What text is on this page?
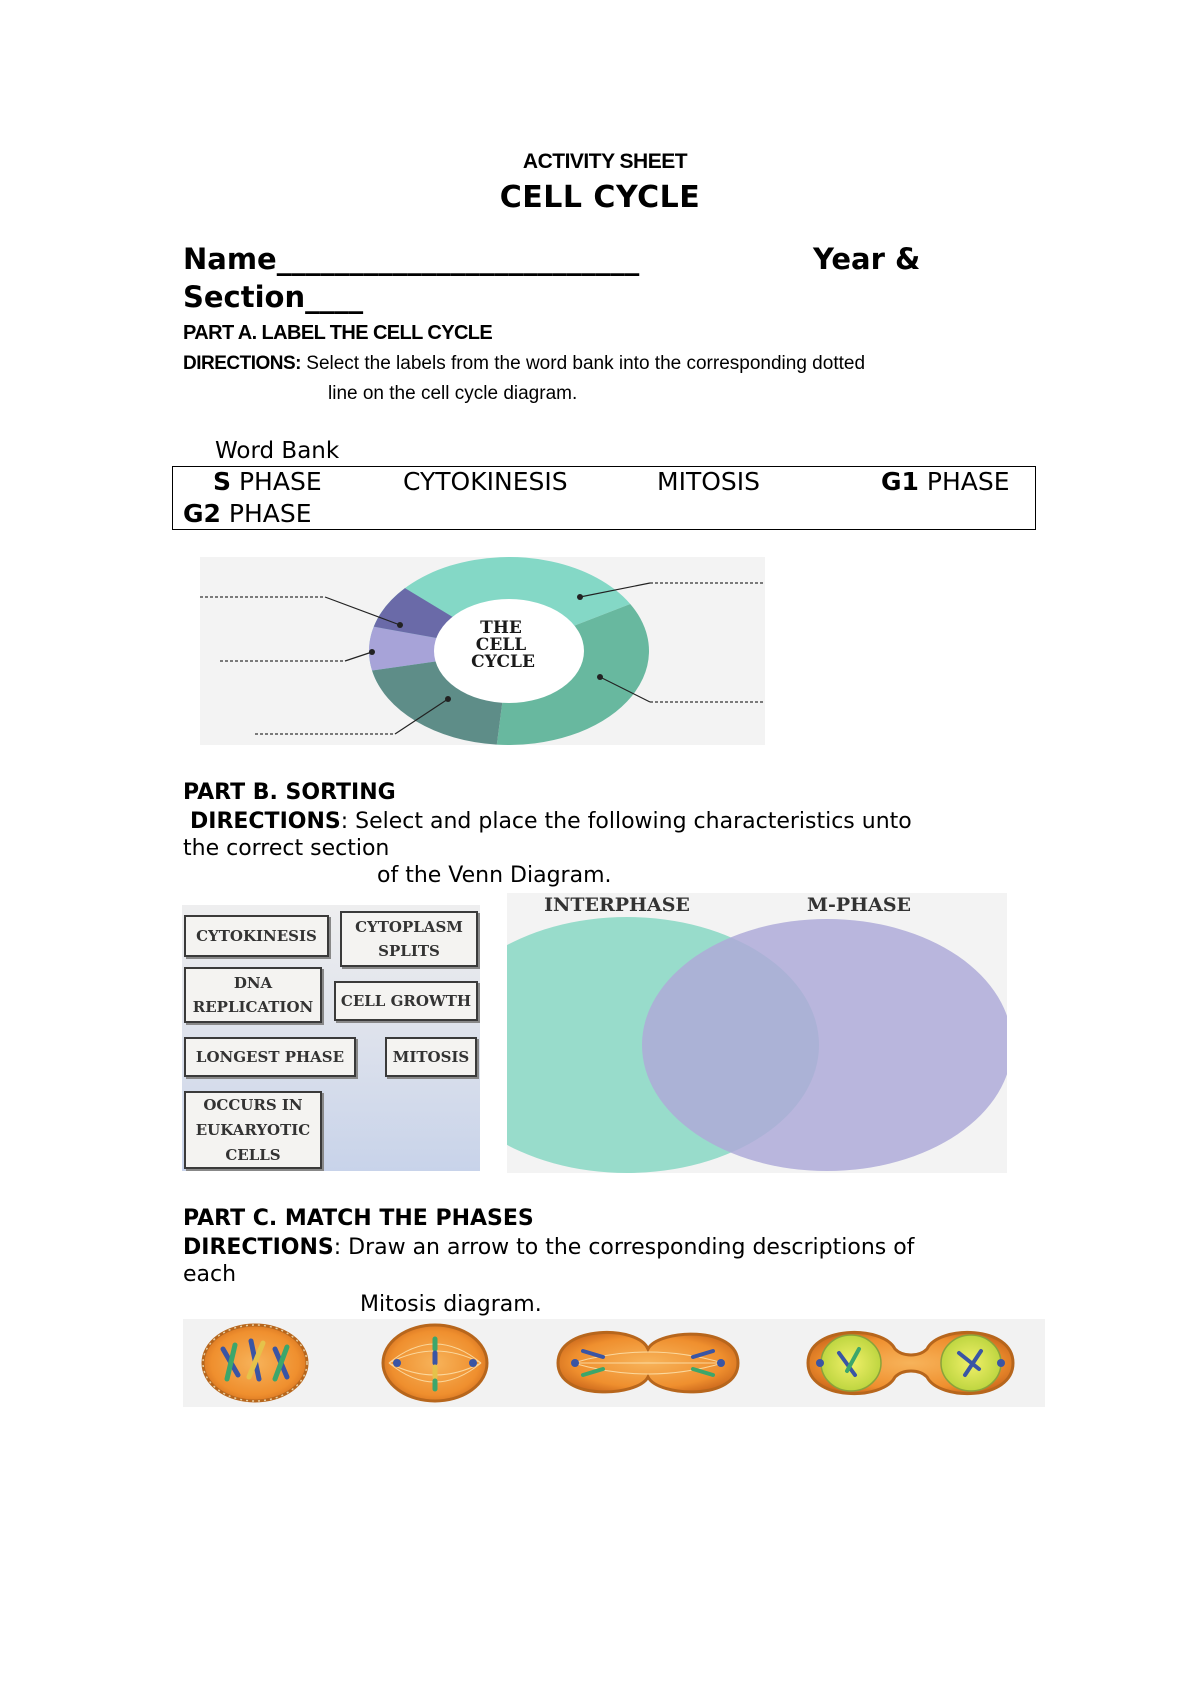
ACTIVITY SHEET
CELL CYCLE
Name_________________________	Year &
Section____
PART A. LABEL THE CELL CYCLE
DIRECTIONS: Select the labels from the word bank into the corresponding dotted
line on the cell cycle diagram.
Word Bank
S PHASE	CYTOKINESIS	MITOSIS	G1 PHASE
G2 PHASE
THE
CELL
CYCLE
PART B. SORTING
DIRECTIONS: Select and place the following characteristics unto
the correct section
of the Venn Diagram.
CYTOKINESIS	CYTOPLASM
SPLITS
DNA
REPLICATION	CELL GROWTH
LONGEST PHASE	MITOSIS
OCCURS IN
EUKARYOTIC
CELLS
INTERPHASE	M-PHASE
PART C. MATCH THE PHASES
DIRECTIONS: Draw an arrow to the corresponding descriptions of
each
Mitosis diagram.
